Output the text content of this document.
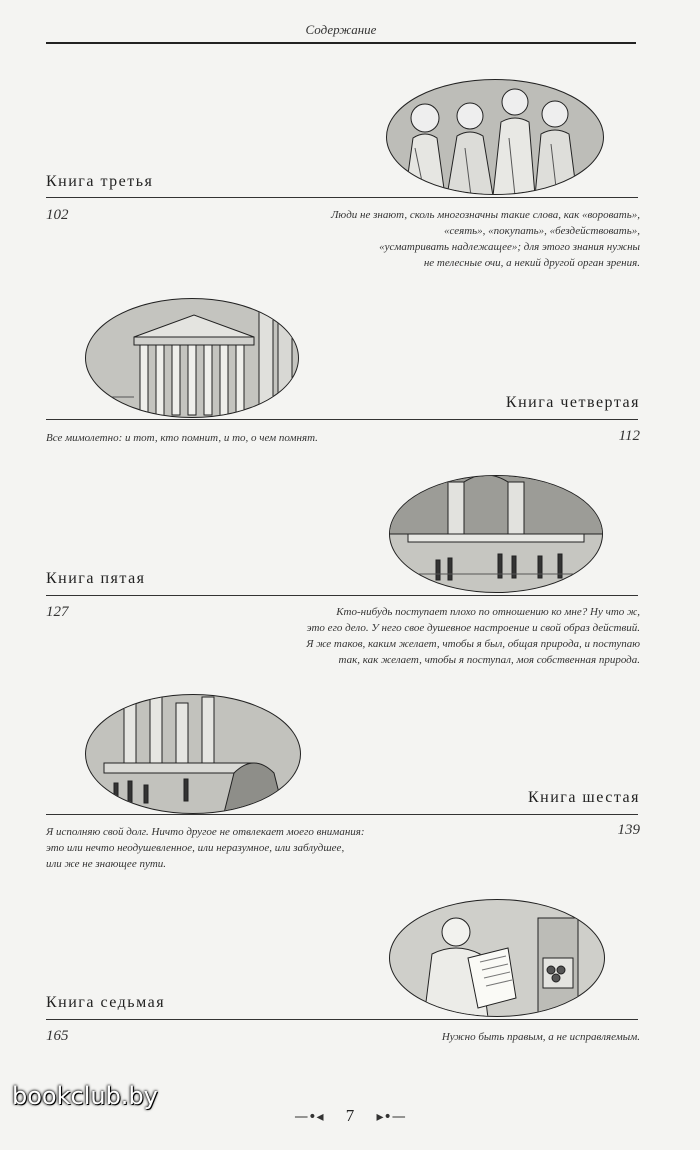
Содержание
Книга третья
102	Люди не знают, сколь многозначны такие слова, как «воровать»,
«сеять», «покупать», «бездействовать»,
«усматривать надлежащее»; для этого знания нужны
не телесные очи, а некий другой орган зрения.
Книга четвертая
Все мимолетно: и тот, кто помнит, и то, о чем помнят.	112
Книга пятая
127	Кто-нибудь поступает плохо по отношению ко мне? Ну что ж,
это его дело. У него свое душевное настроение и свой образ действий.
Я же таков, каким желает, чтобы я был, общая природа, и поступаю
так, как желает, чтобы я поступал, моя собственная природа.
Книга шестая
Я исполняю свой долг. Ничто другое не отвлекает моего внимания:
это или нечто неодушевленное, или неразумное, или заблудшее,
или же не знающее пути.
139
Книга седьмая
165	Нужно быть правым, а не исправляемым.
—•◂ 7 ▸•—
bookclub.by
